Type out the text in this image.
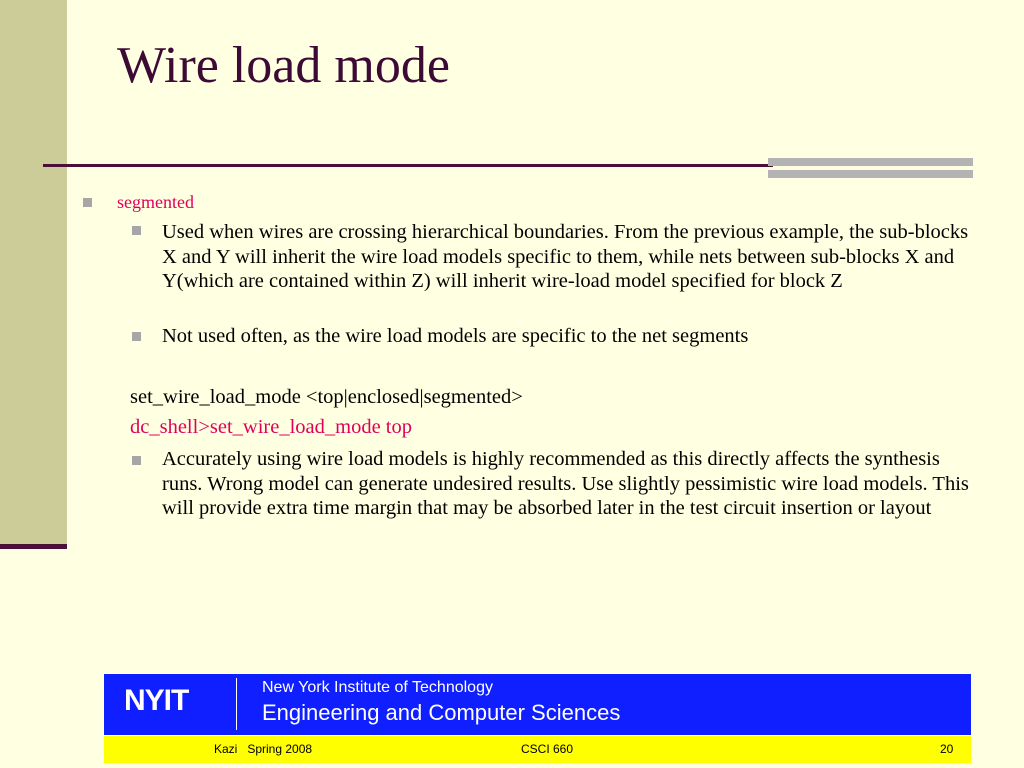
Wire load mode
segmented
Used when wires are crossing hierarchical boundaries. From the previous example, the sub-blocks X and Y will inherit the wire load models specific to them, while nets between sub-blocks X and Y(which are contained within Z) will inherit wire-load model specified for block Z
Not used often, as the wire load models are specific to the net segments
set_wire_load_mode <top|enclosed|segmented>
dc_shell>set_wire_load_mode top
Accurately using wire load models is highly recommended as this directly affects the synthesis runs. Wrong model can generate undesired results. Use slightly pessimistic wire load models. This will provide extra time margin that may be absorbed later in the test circuit insertion or layout
NYIT	New York Institute of Technology
Engineering and Computer Sciences
Kazi   Spring 2008	CSCI 660	20
